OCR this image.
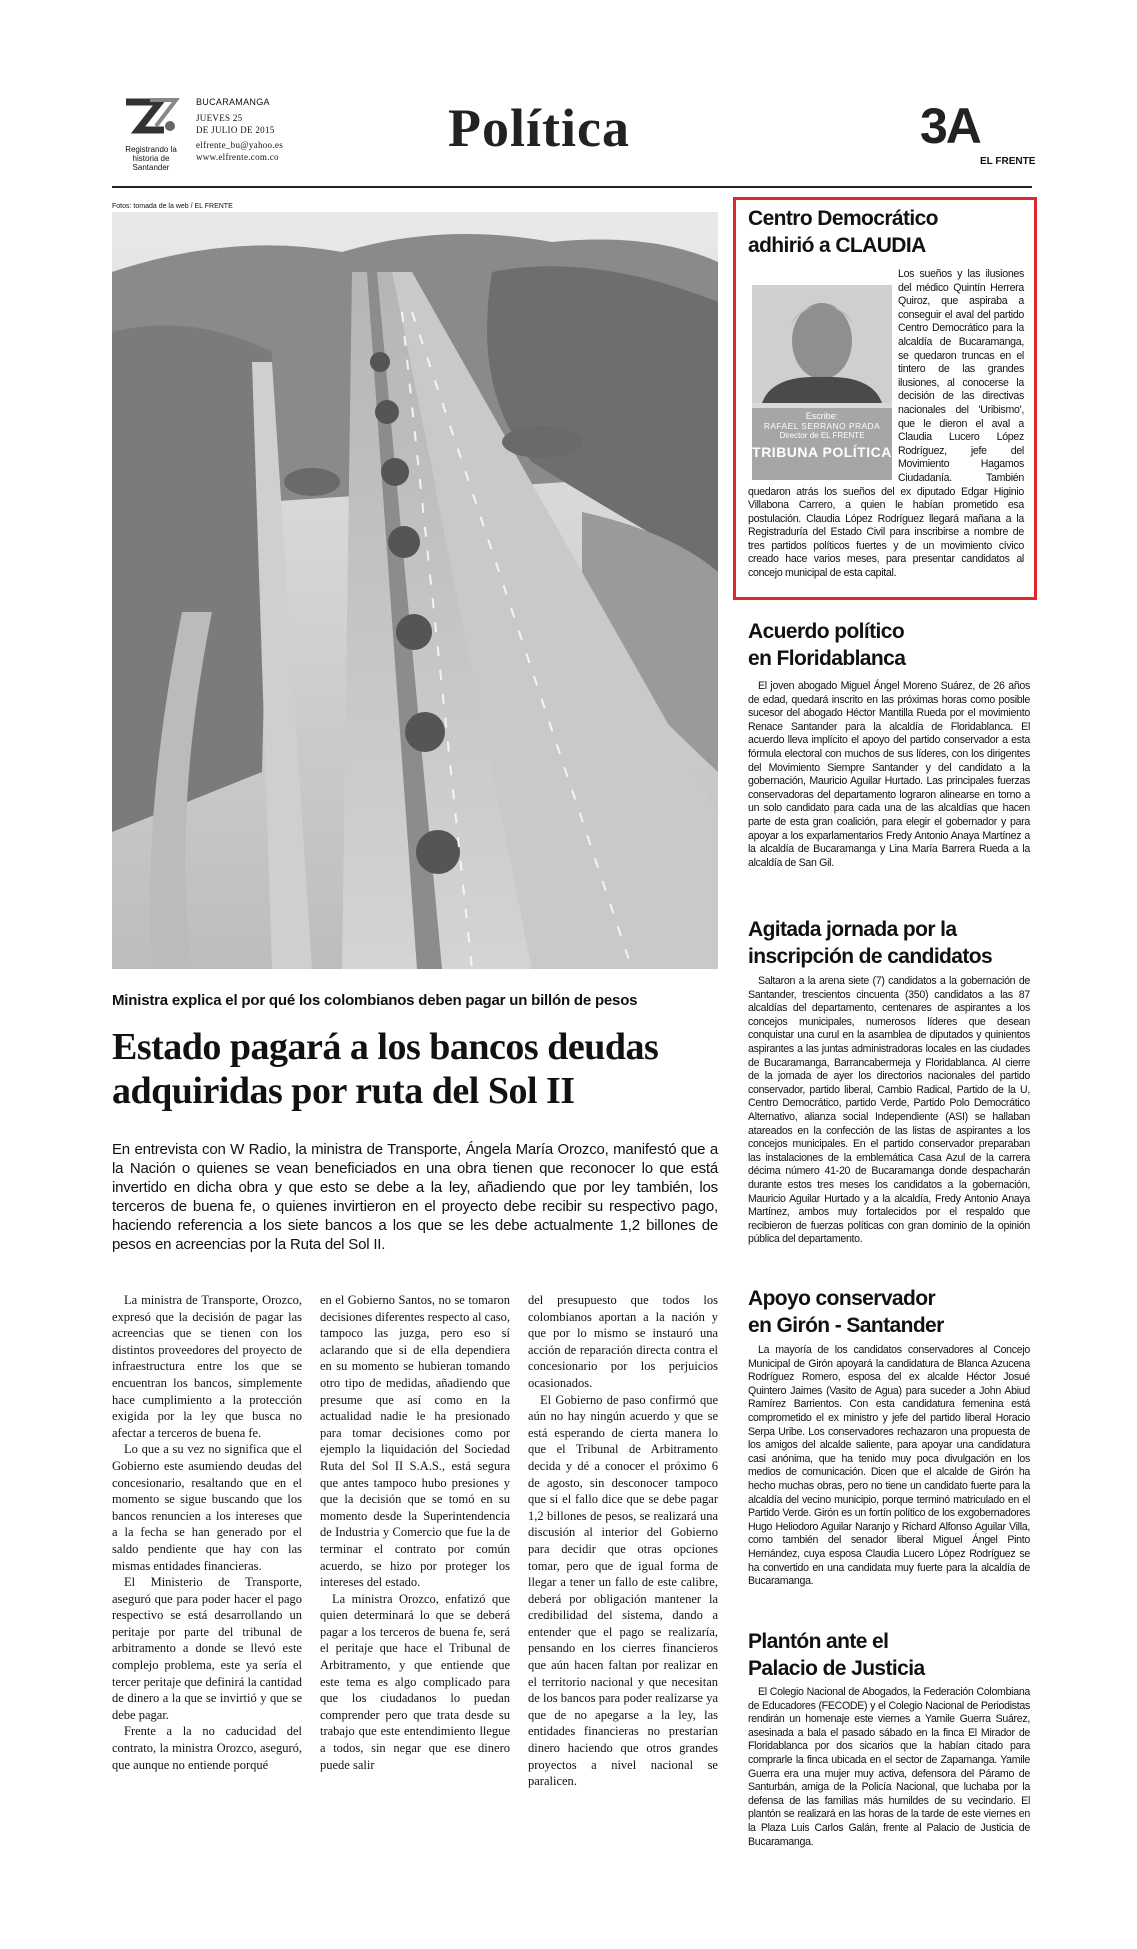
Registrando la historia de Santander
BUCARAMANGA
JUEVES 25
DE JULIO DE 2015
elfrente_bu@yahoo.es
www.elfrente.com.co	Política	3A
EL FRENTE
Fotos: tomada de la web / EL FRENTE
Ministra explica el por qué los colombianos deben pagar un billón de pesos
Estado pagará a los bancos deudas adquiridas por ruta del Sol II
En entrevista con W Radio, la ministra de Transporte, Ángela María Orozco, manifestó que a la Nación o quienes se vean beneficiados en una obra tienen que reconocer lo que está invertido en dicha obra y que esto se debe a la ley, añadiendo que por ley también, los terceros de buena fe, o quienes invirtieron en el proyecto debe recibir su respectivo pago, haciendo referencia a los siete bancos a los que se les debe actualmente 1,2 billones de pesos en acreencias por la Ruta del Sol II.

La ministra de Transporte, Orozco, expresó que la decisión de pagar las acreencias que se tienen con los distintos proveedores del proyecto de infraestructura entre los que se encuentran los bancos, simplemente hace cumplimiento a la protección exigida por la ley que busca no afectar a terceros de buena fe.

Lo que a su vez no significa que el Gobierno este asumiendo deudas del concesionario, resaltando que en el momento se sigue buscando que los bancos renuncien a los intereses que a la fecha se han generado por el saldo pendiente que hay con las mismas entidades financieras.

El Ministerio de Transporte, aseguró que para poder hacer el pago respectivo se está desarrollando un peritaje por parte del tribunal de arbitramento a donde se llevó este complejo problema, este ya sería el tercer peritaje que definirá la cantidad de dinero a la que se invirtió y que se debe pagar.

Frente a la no caducidad del contrato, la ministra Orozco, aseguró, que aunque no entiende porqué

en el Gobierno Santos, no se tomaron decisiones diferentes respecto al caso, tampoco las juzga, pero eso sí aclarando que si de ella dependiera en su momento se hubieran tomando otro tipo de medidas, añadiendo que presume que así como en la actualidad nadie le ha presionado para tomar decisiones como por ejemplo la liquidación del Sociedad Ruta del Sol II S.A.S., está segura que antes tampoco hubo presiones y que la decisión que se tomó en su momento desde la Superintendencia de Industria y Comercio que fue la de terminar el contrato por común acuerdo, se hizo por proteger los intereses del estado.

La ministra Orozco, enfatizó que quien determinará lo que se deberá pagar a los terceros de buena fe, será el peritaje que hace el Tribunal de Arbitramento, y que entiende que este tema es algo complicado para que los ciudadanos lo puedan comprender pero que trata desde su trabajo que este entendimiento llegue a todos, sin negar que ese dinero puede salir

del presupuesto que todos los colombianos aportan a la nación y que por lo mismo se instauró una acción de reparación directa contra el concesionario por los perjuicios ocasionados.

El Gobierno de paso confirmó que aún no hay ningún acuerdo y que se está esperando de cierta manera lo que el Tribunal de Arbitramento decida y dé a conocer el próximo 6 de agosto, sin desconocer tampoco que si el fallo dice que se debe pagar 1,2 billones de pesos, se realizará una discusión al interior del Gobierno para decidir que otras opciones tomar, pero que de igual forma de llegar a tener un fallo de este calibre, deberá por obligación mantener la credibilidad del sistema, dando a entender que el pago se realizaría, pensando en los cierres financieros que aún hacen faltan por realizar en el territorio nacional y que necesitan de los bancos para poder realizarse ya que de no apegarse a la ley, las entidades financieras no prestarían dinero haciendo que otros grandes proyectos a nivel nacional se paralicen.

Centro Democrático
adhirió a CLAUDIA
Escribe:
RAFAEL SERRANO PRADA
Director de EL FRENTE
TRIBUNA POLÍTICA

Los sueños y las ilusiones del médico Quintín Herrera Quiroz, que aspiraba a conseguir el aval del partido Centro Democrático para la alcaldía de Bucaramanga, se quedaron truncas en el tintero de las grandes ilusiones, al conocerse la decisión de las directivas nacionales del 'Uribismo', que le dieron el aval a Claudia Lucero López Rodríguez, jefe del Movimiento Hagamos Ciudadanía. También quedaron atrás los sueños del ex diputado Edgar Higinio Villabona Carrero, a quien le habían prometido esa postulación. Claudia López Rodríguez llegará mañana a la Registraduría del Estado Civil para inscribirse a nombre de tres partidos políticos fuertes y de un movimiento cívico creado hace varios meses, para presentar candidatos al concejo municipal de esta capital.

Acuerdo político
en Floridablanca

El joven abogado Miguel Ángel Moreno Suárez, de 26 años de edad, quedará inscrito en las próximas horas como posible sucesor del abogado Héctor Mantilla Rueda por el movimiento Renace Santander para la alcaldía de Floridablanca. El acuerdo lleva implícito el apoyo del partido conservador a esta fórmula electoral con muchos de sus líderes, con los dirigentes del Movimiento Siempre Santander y del candidato a la gobernación, Mauricio Aguilar Hurtado. Las principales fuerzas conservadoras del departamento lograron alinearse en torno a un solo candidato para cada una de las alcaldías que hacen parte de esta gran coalición, para elegir el gobernador y para apoyar a los exparlamentarios Fredy Antonio Anaya Martínez a la alcaldía de Bucaramanga y Lina María Barrera Rueda a la alcaldía de San Gil.

Agitada jornada por la
inscripción de candidatos

Saltaron a la arena siete (7) candidatos a la gobernación de Santander, trescientos cincuenta (350) candidatos a las 87 alcaldías del departamento, centenares de aspirantes a los concejos municipales, numerosos líderes que desean conquistar una curul en la asamblea de diputados y quinientos aspirantes a las juntas administradoras locales en las ciudades de Bucaramanga, Barrancabermeja y Floridablanca. Al cierre de la jornada de ayer los directorios nacionales del partido conservador, partido liberal, Cambio Radical, Partido de la U, Centro Democrático, partido Verde, Partido Polo Democrático Alternativo, alianza social Independiente (ASI) se hallaban atareados en la confección de las listas de aspirantes a los concejos municipales. En el partido conservador preparaban las instalaciones de la emblemática Casa Azul de la carrera décima número 41-20 de Bucaramanga donde despacharán durante estos tres meses los candidatos a la gobernación, Mauricio Aguilar Hurtado y a la alcaldía, Fredy Antonio Anaya Martínez, ambos muy fortalecidos por el respaldo que recibieron de fuerzas políticas con gran dominio de la opinión pública del departamento.

Apoyo conservador
en Girón - Santander

La mayoría de los candidatos conservadores al Concejo Municipal de Girón apoyará la candidatura de Blanca Azucena Rodríguez Romero, esposa del ex alcalde Héctor Josué Quintero Jaimes (Vasito de Agua) para suceder a John Abiud Ramírez Barrientos. Con esta candidatura femenina está comprometido el ex ministro y jefe del partido liberal Horacio Serpa Uribe. Los conservadores rechazaron una propuesta de los amigos del alcalde saliente, para apoyar una candidatura casi anónima, que ha tenido muy poca divulgación en los medios de comunicación. Dicen que el alcalde de Girón ha hecho muchas obras, pero no tiene un candidato fuerte para la alcaldía del vecino municipio, porque terminó matriculado en el Partido Verde. Girón es un fortín político de los exgobernadores Hugo Heliodoro Aguilar Naranjo y Richard Alfonso Aguilar Villa, como también del senador liberal Miguel Ángel Pinto Hernández, cuya esposa Claudia Lucero López Rodríguez se ha convertido en una candidata muy fuerte para la alcaldía de Bucaramanga.

Plantón ante el
Palacio de Justicia

El Colegio Nacional de Abogados, la Federación Colombiana de Educadores (FECODE) y el Colegio Nacional de Periodistas rendirán un homenaje este viernes a Yamile Guerra Suárez, asesinada a bala el pasado sábado en la finca El Mirador de Floridablanca por dos sicarios que la habían citado para comprarle la finca ubicada en el sector de Zapamanga. Yamile Guerra era una mujer muy activa, defensora del Páramo de Santurbán, amiga de la Policía Nacional, que luchaba por la defensa de las familias más humildes de su vecindario. El plantón se realizará en las horas de la tarde de este viernes en la Plaza Luis Carlos Galán, frente al Palacio de Justicia de Bucaramanga.
